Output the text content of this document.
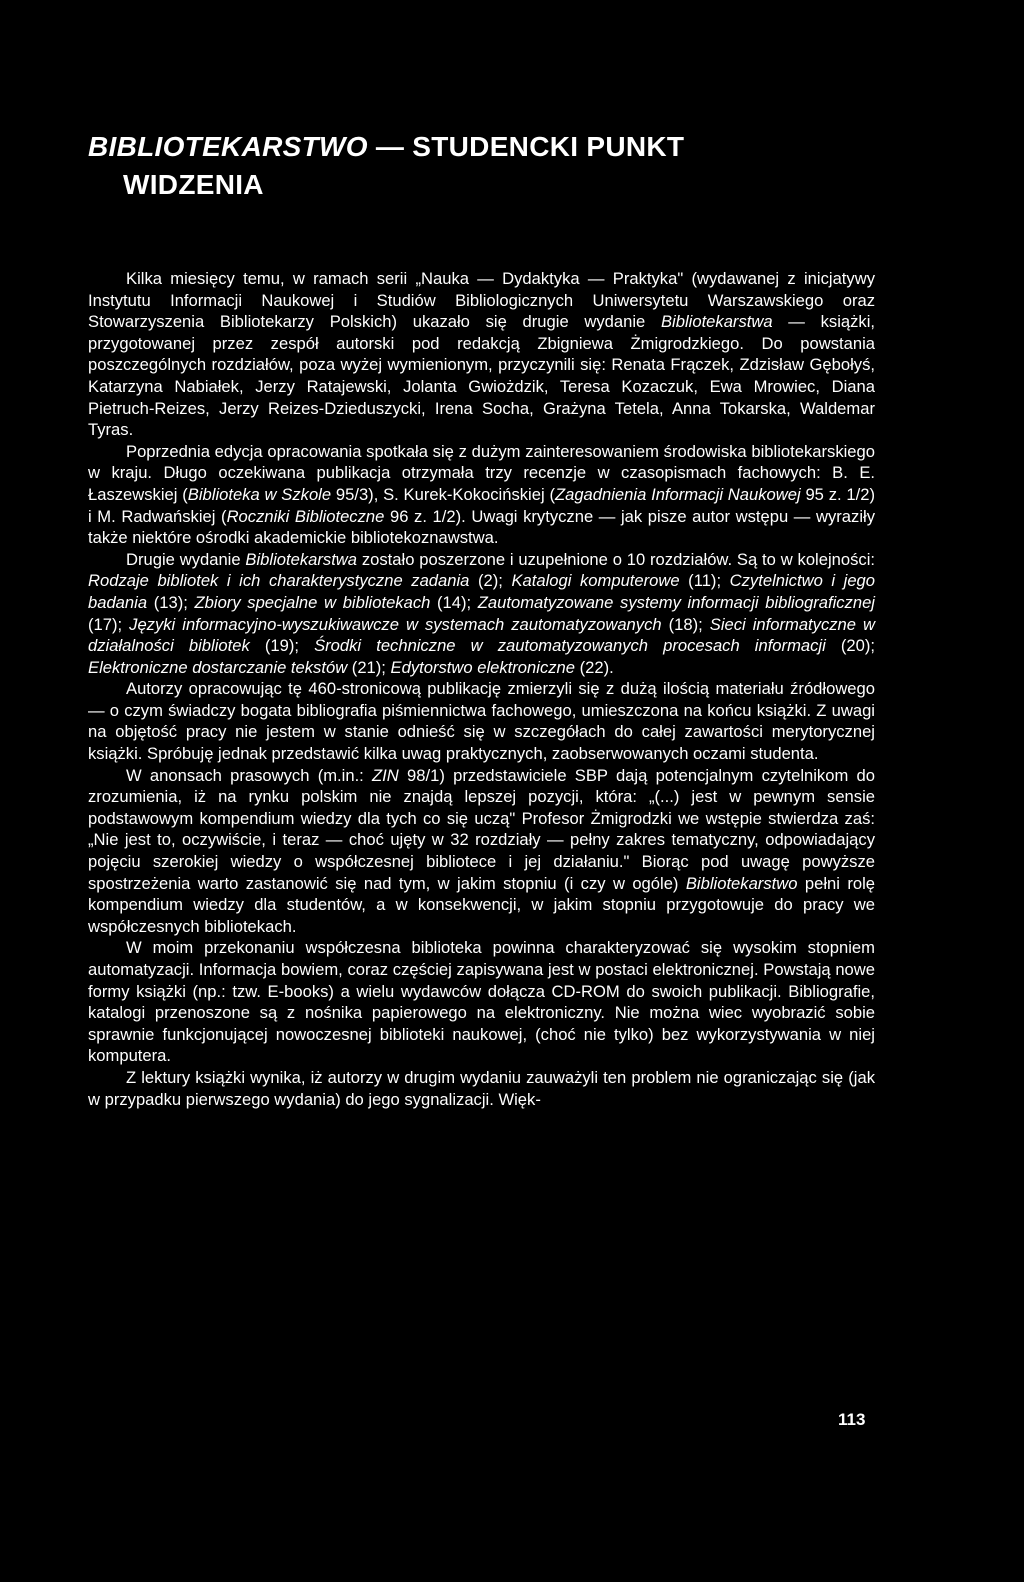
BIBLIOTEKARSTWO — STUDENCKI PUNKT
WIDZENIA

Kilka miesięcy temu, w ramach serii „Nauka — Dydaktyka — Praktyka" (wydawanej z inicjatywy Instytutu Informacji Naukowej i Studiów Bibliologicznych Uniwersytetu Warszawskiego oraz Stowarzyszenia Bibliotekarzy Polskich) ukazało się drugie wydanie Bibliotekarstwa — książki, przygotowanej przez zespół autorski pod redakcją Zbigniewa Żmigrodzkiego. Do powstania poszczególnych rozdziałów, poza wyżej wymienionym, przyczynili się: Renata Frączek, Zdzisław Gębołyś, Katarzyna Nabiałek, Jerzy Ratajewski, Jolanta Gwiożdzik, Teresa Kozaczuk, Ewa Mrowiec, Diana Pietruch-Reizes, Jerzy Reizes-Dzieduszycki, Irena Socha, Grażyna Tetela, Anna Tokarska, Waldemar Tyras.

Poprzednia edycja opracowania spotkała się z dużym zainteresowaniem środowiska bibliotekarskiego w kraju. Długo oczekiwana publikacja otrzymała trzy recenzje w czasopismach fachowych: B. E. Łaszewskiej (Biblioteka w Szkole 95/3), S. Kurek-Kokocińskiej (Zagadnienia Informacji Naukowej 95 z. 1/2) i M. Radwańskiej (Roczniki Biblioteczne 96 z. 1/2). Uwagi krytyczne — jak pisze autor wstępu — wyraziły także niektóre ośrodki akademickie bibliotekoznawstwa.

Drugie wydanie Bibliotekarstwa zostało poszerzone i uzupełnione o 10 rozdziałów. Są to w kolejności: Rodzaje bibliotek i ich charakterystyczne zadania (2); Katalogi komputerowe (11); Czytelnictwo i jego badania (13); Zbiory specjalne w bibliotekach (14); Zautomatyzowane systemy informacji bibliograficznej (17); Języki informacyjno-wyszukiwawcze w systemach zautomatyzowanych (18); Sieci informatyczne w działalności bibliotek (19); Środki techniczne w zautomatyzowanych procesach informacji (20); Elektroniczne dostarczanie tekstów (21); Edytorstwo elektroniczne (22).

Autorzy opracowując tę 460-stronicową publikację zmierzyli się z dużą ilością materiału źródłowego — o czym świadczy bogata bibliografia piśmiennictwa fachowego, umieszczona na końcu książki. Z uwagi na objętość pracy nie jestem w stanie odnieść się w szczegółach do całej zawartości merytorycznej książki. Spróbuję jednak przedstawić kilka uwag praktycznych, zaobserwowanych oczami studenta.

W anonsach prasowych (m.in.: ZIN 98/1) przedstawiciele SBP dają potencjalnym czytelnikom do zrozumienia, iż na rynku polskim nie znajdą lepszej pozycji, która: „(...) jest w pewnym sensie podstawowym kompendium wiedzy dla tych co się uczą" Profesor Żmigrodzki we wstępie stwierdza zaś: „Nie jest to, oczywiście, i teraz — choć ujęty w 32 rozdziały — pełny zakres tematyczny, odpowiadający pojęciu szerokiej wiedzy o współczesnej bibliotece i jej działaniu." Biorąc pod uwagę powyższe spostrzeżenia warto zastanowić się nad tym, w jakim stopniu (i czy w ogóle) Bibliotekarstwo pełni rolę kompendium wiedzy dla studentów, a w konsekwencji, w jakim stopniu przygotowuje do pracy we współczesnych bibliotekach.

W moim przekonaniu współczesna biblioteka powinna charakteryzować się wysokim stopniem automatyzacji. Informacja bowiem, coraz częściej zapisywana jest w postaci elektronicznej. Powstają nowe formy książki (np.: tzw. E-books) a wielu wydawców dołącza CD-ROM do swoich publikacji. Bibliografie, katalogi przenoszone są z nośnika papierowego na elektroniczny. Nie można wiec wyobrazić sobie sprawnie funkcjonującej nowoczesnej biblioteki naukowej, (choć nie tylko) bez wykorzystywania w niej komputera.

Z lektury książki wynika, iż autorzy w drugim wydaniu zauważyli ten problem nie ograniczając się (jak w przypadku pierwszego wydania) do jego sygnalizacji. Więk-

113
